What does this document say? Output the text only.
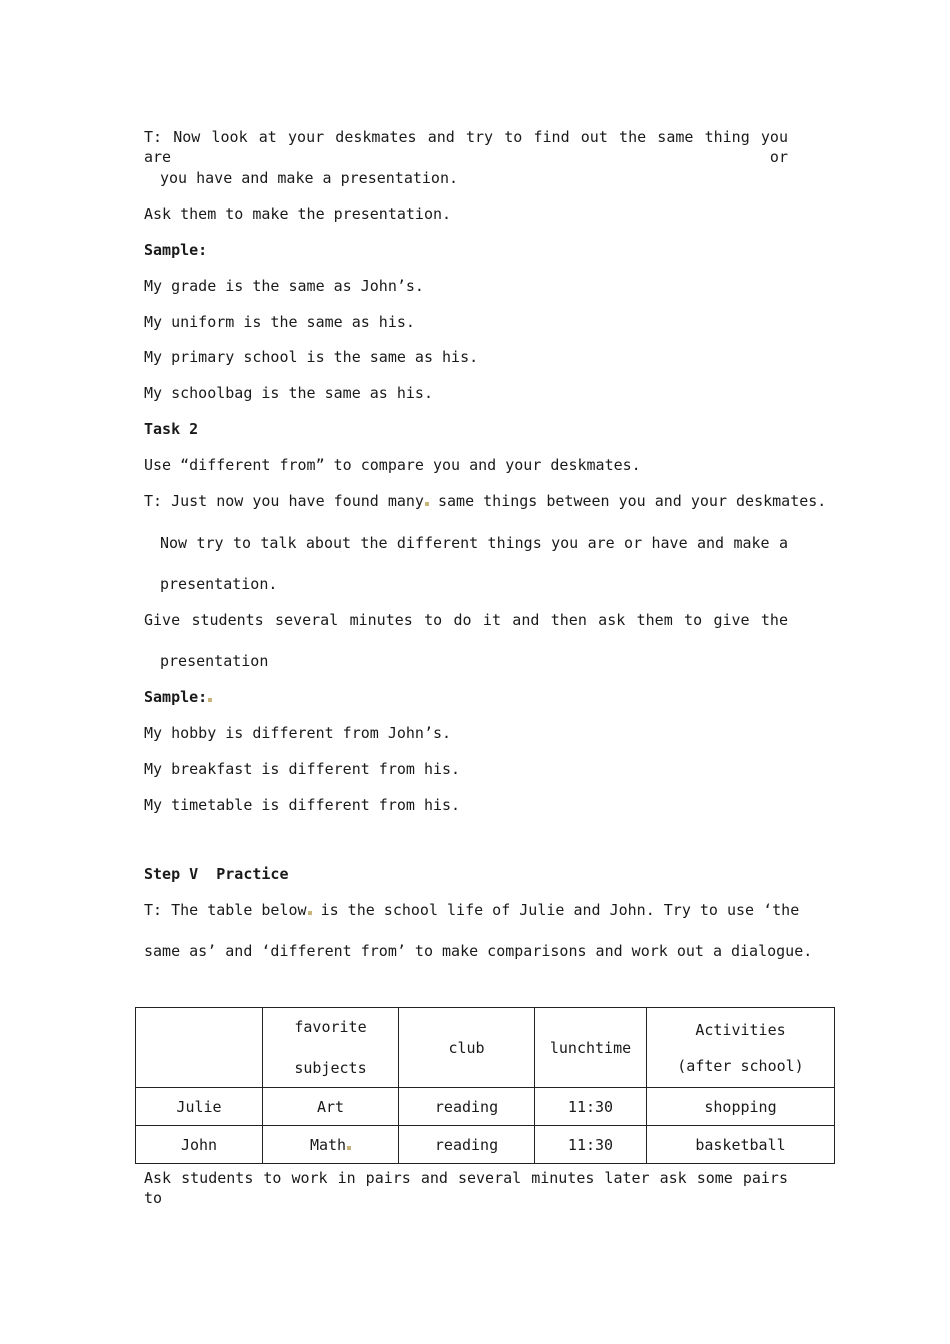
T: Now look at your deskmates and try to find out the same thing you are or
you have and make a presentation.
Ask them to make the presentation.
Sample:
My grade is the same as John’s.
My uniform is the same as his.
My primary school is the same as his.
My schoolbag is the same as his.
Task 2
Use “different from” to compare you and your deskmates.
T: Just now you have found many same things between you and your deskmates.
Now try to talk about the different things you are or have and make a
presentation.
Give students several minutes to do it and then ask them to give the
presentation
Sample:
My hobby is different from John’s.
My breakfast is different from his.
My timetable is different from his.
Step V  Practice
T: The table below is the school life of Julie and John. Try to use ‘the
same as’ and ‘different from’ to make comparisons and work out a dialogue.

	favorite
subjects	club	lunchtime	Activities
(after school)

Julie	Art	reading	11:30	shopping
John	Math	reading	11:30	basketball
Ask students to work in pairs and several minutes later ask some pairs to
